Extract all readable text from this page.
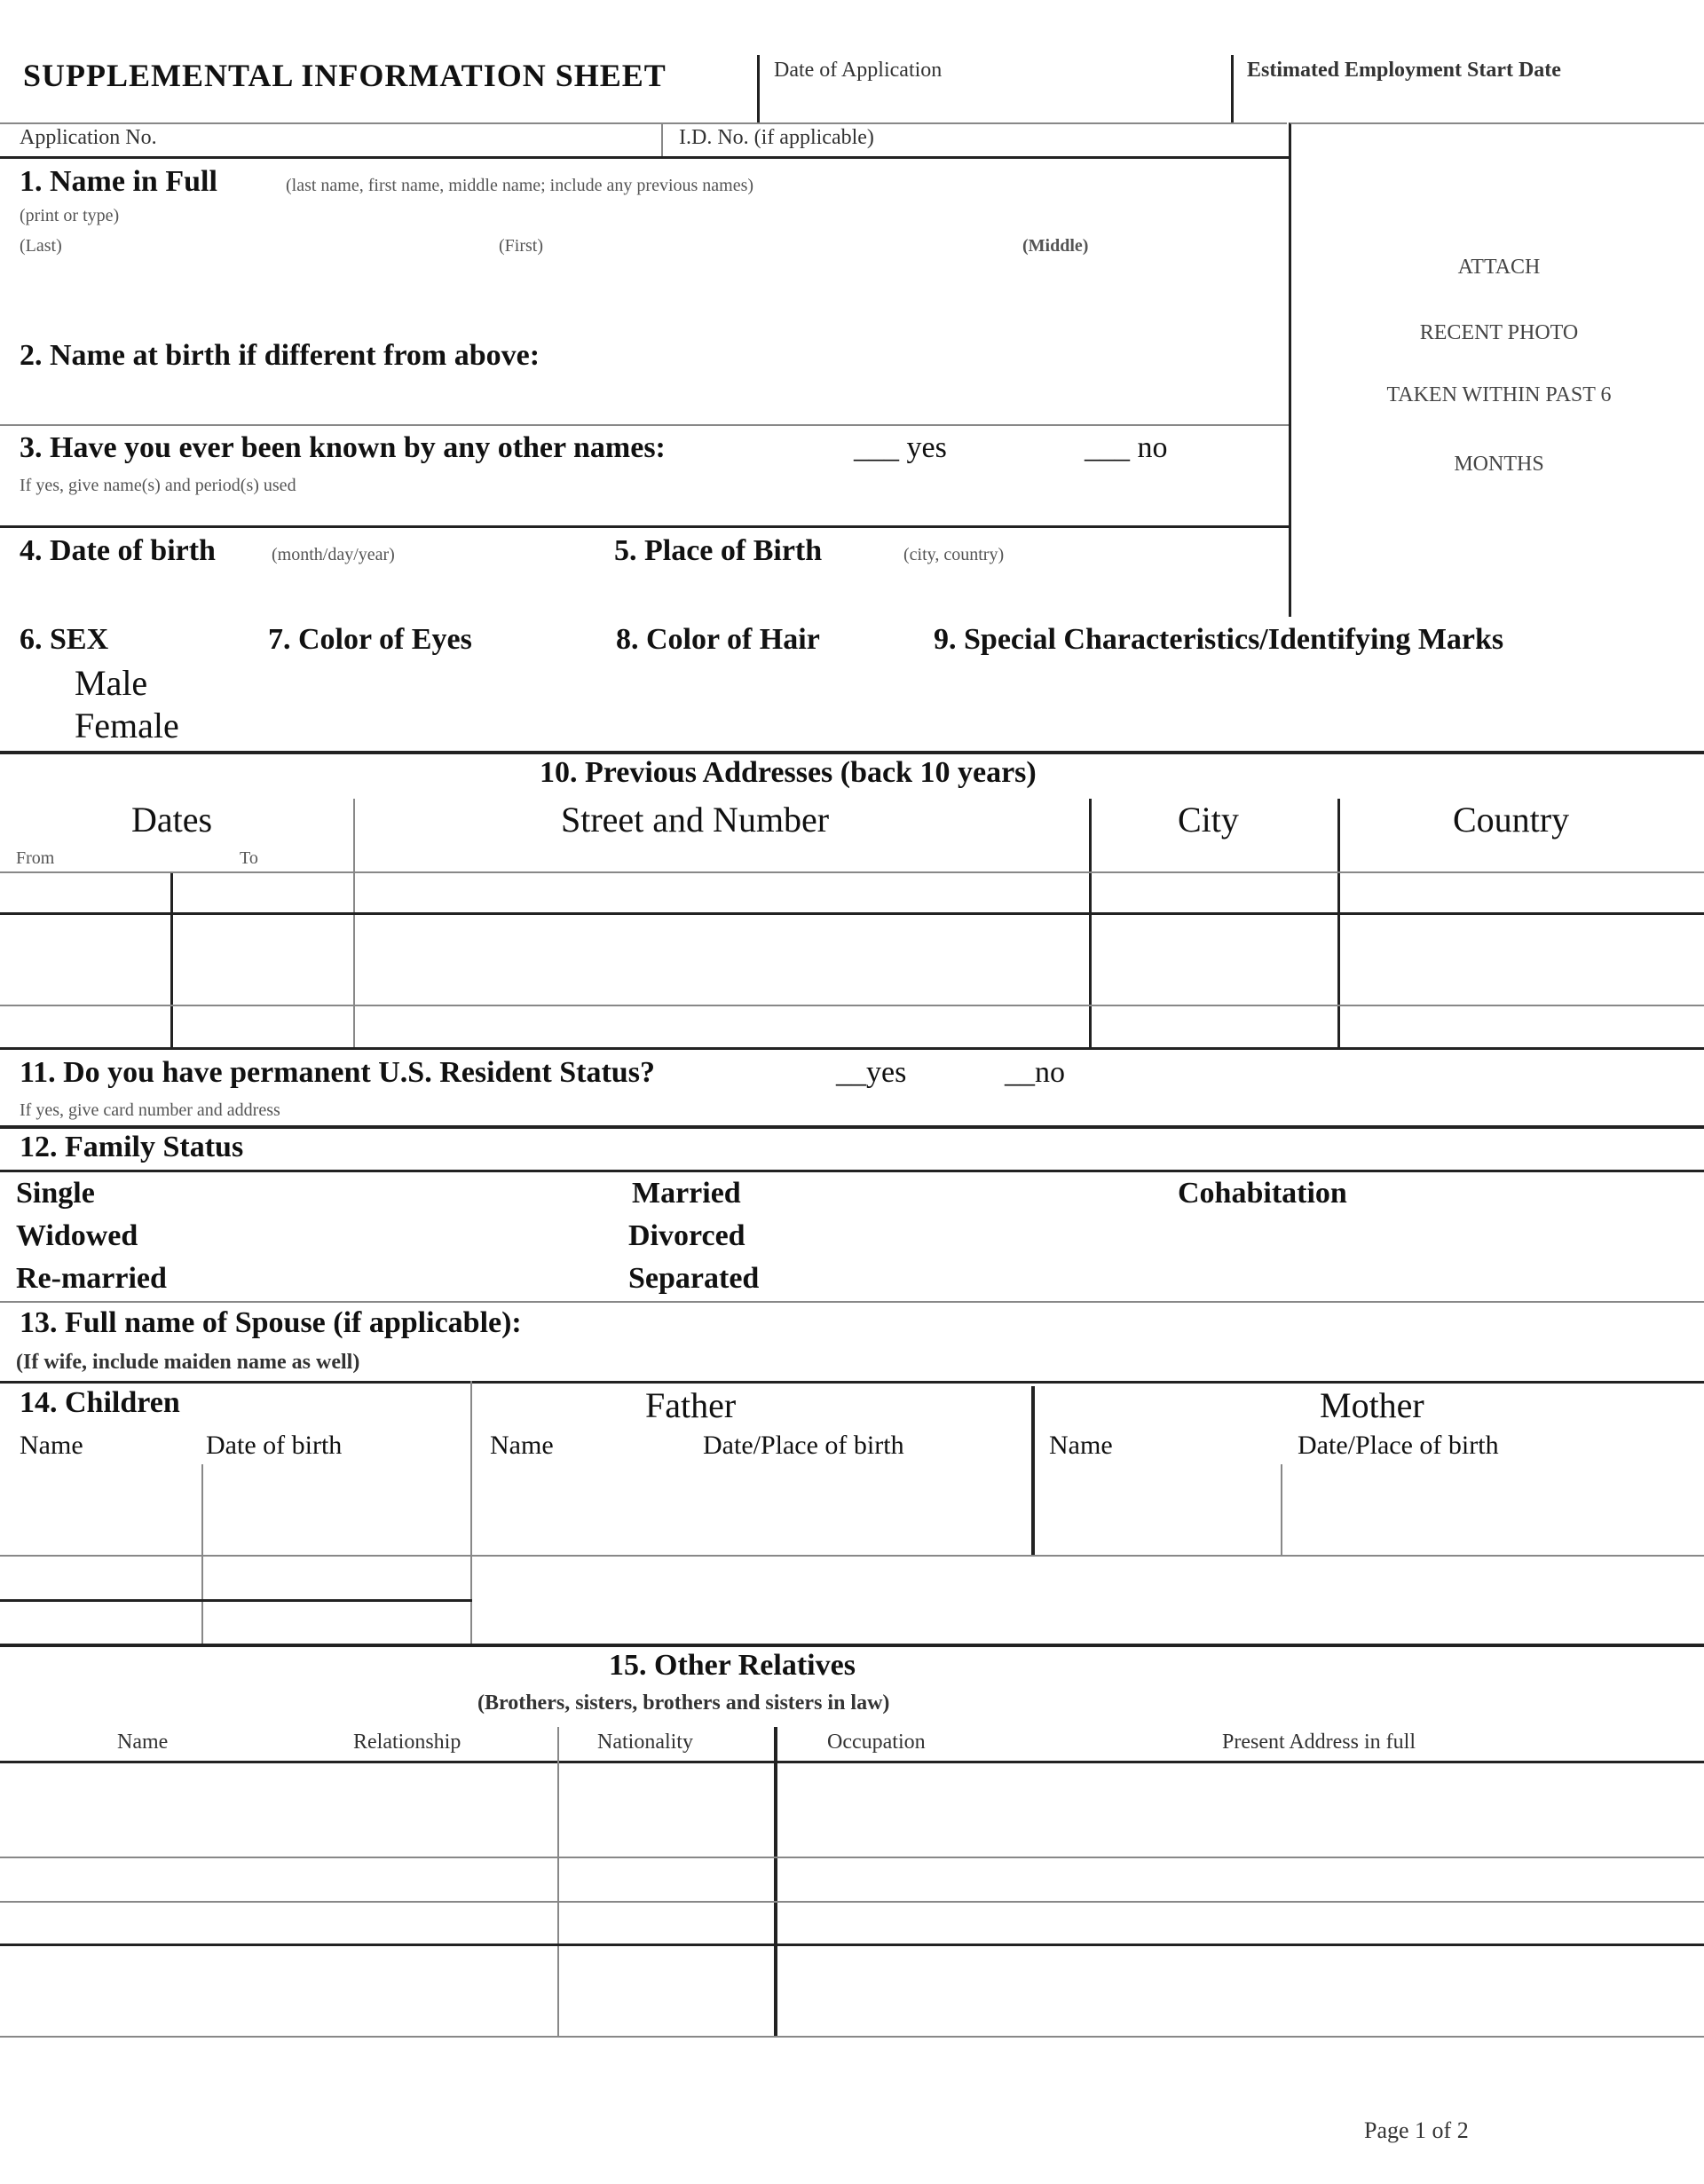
SUPPLEMENTAL INFORMATION SHEET	Date of Application	Estimated Employment Start Date
Application No.	I.D. No. (if applicable)
ATTACH
RECENT PHOTO
TAKEN WITHIN PAST 6
MONTHS
1. Name in Full	(last name, first name, middle name; include any previous names)
(print or type)
(Last)	(First)	(Middle)
2. Name at birth if different from above:
3. Have you ever been known by any other names:	___ yes	___ no
If yes, give name(s) and period(s) used
4. Date of birth	(month/day/year)	5. Place of Birth	(city, country)
6. SEX
Male
Female
7. Color of Eyes	8. Color of Hair	9. Special Characteristics/Identifying Marks
10. Previous Addresses (back 10 years)
Dates
From	To
Street and Number	City	Country
11. Do you have permanent U.S. Resident Status?	__yes	__no
If yes, give card number and address
12. Family Status
Single
Widowed
Re-married
Married
Divorced
Separated
Cohabitation
13. Full name of Spouse (if applicable):
(If wife, include maiden name as well)
14. Children
Name	Date of birth
Father
Name	Date/Place of birth
Mother
Name	Date/Place of birth
15. Other Relatives
(Brothers, sisters, brothers and sisters in law)
Name	Relationship	Nationality	Occupation	Present Address in full
Page 1 of 2
